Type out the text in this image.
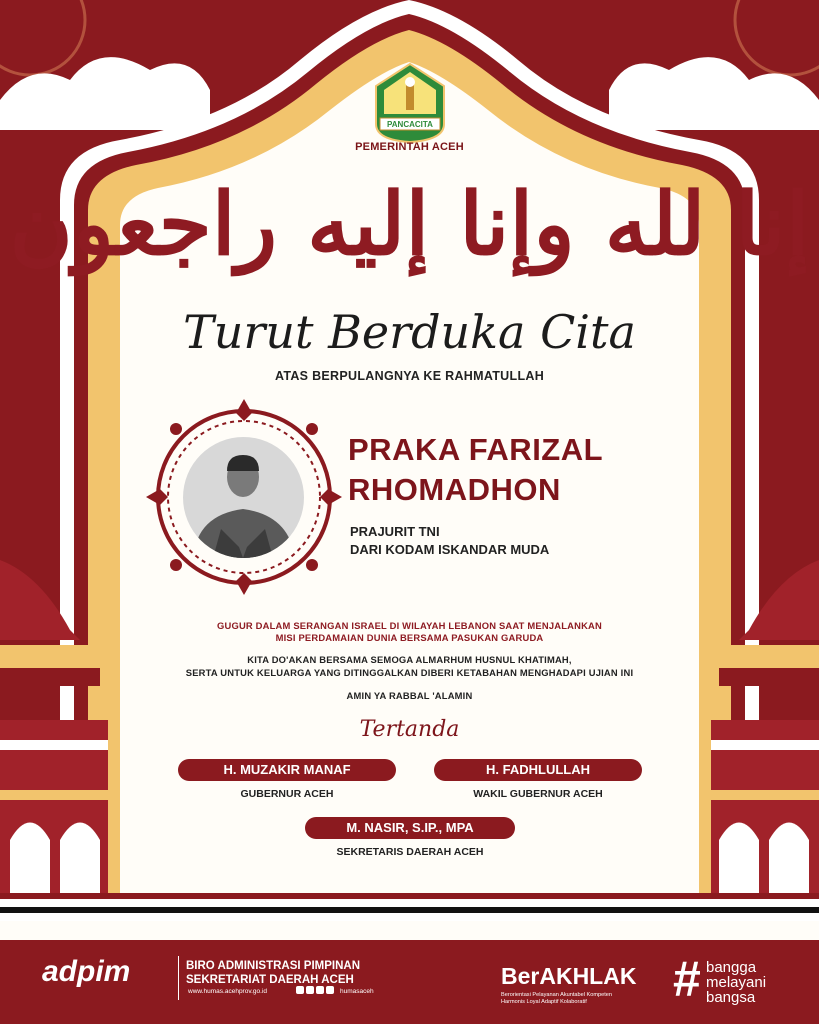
PANCACITA
PEMERINTAH ACEH
إنا لله وإنا إليه راجعون
Turut Berduka Cita
ATAS BERPULANGNYA KE RAHMATULLAH
PRAKA FARIZAL
RHOMADHON
PRAJURIT TNI
DARI KODAM ISKANDAR MUDA
GUGUR DALAM SERANGAN ISRAEL DI WILAYAH LEBANON SAAT MENJALANKAN
MISI PERDAMAIAN DUNIA BERSAMA PASUKAN GARUDA
KITA DO'AKAN BERSAMA SEMOGA ALMARHUM HUSNUL KHATIMAH,
SERTA UNTUK KELUARGA YANG DITINGGALKAN DIBERI KETABAHAN MENGHADAPI UJIAN INI
AMIN YA RABBAL 'ALAMIN
Tertanda
H. MUZAKIR MANAF
GUBERNUR ACEH
H. FADHLULLAH
WAKIL GUBERNUR ACEH
M. NASIR, S.IP., MPA
SEKRETARIS DAERAH ACEH
adpim	BIRO ADMINISTRASI PIMPINAN
SEKRETARIAT DAERAH ACEH
www.humas.acehprov.go.id	humasaceh
BerAKHLAK
Berorientasi Pelayanan Akuntabel Kompeten
Harmonis Loyal Adaptif Kolaboratif # bangga
melayani
bangsa
